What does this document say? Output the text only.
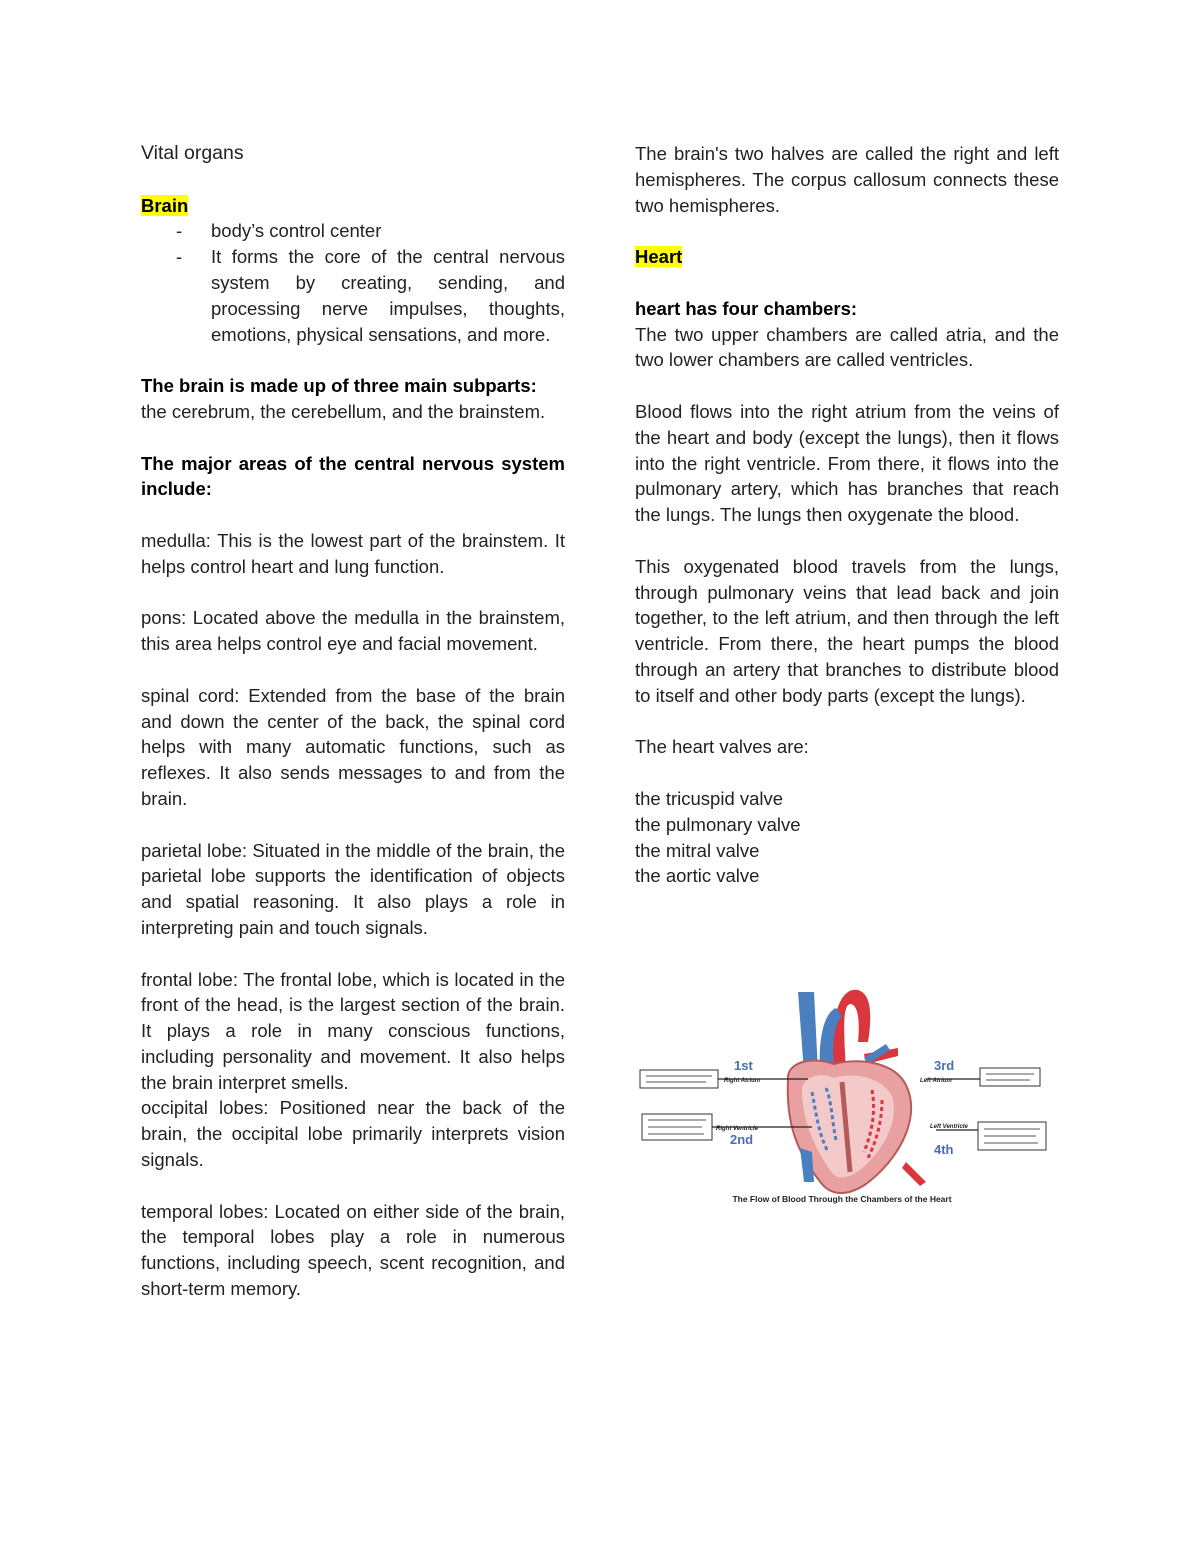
Vital organs

Brain

- body’s control center
- It forms the core of the central nervous system by creating, sending, and processing nerve impulses, thoughts, emotions, physical sensations, and more.

The brain is made up of three main subparts:

the cerebrum, the cerebellum, and the brainstem.

The major areas of the central nervous system include:

medulla: This is the lowest part of the brainstem. It helps control heart and lung function.

pons: Located above the medulla in the brainstem, this area helps control eye and facial movement.

spinal cord: Extended from the base of the brain and down the center of the back, the spinal cord helps with many automatic functions, such as reflexes. It also sends messages to and from the brain.

parietal lobe: Situated in the middle of the brain, the parietal lobe supports the identification of objects and spatial reasoning. It also plays a role in interpreting pain and touch signals.

frontal lobe: The frontal lobe, which is located in the front of the head, is the largest section of the brain. It plays a role in many conscious functions, including personality and movement. It also helps the brain interpret smells.

occipital lobes: Positioned near the back of the brain, the occipital lobe primarily interprets vision signals.

temporal lobes: Located on either side of the brain, the temporal lobes play a role in numerous functions, including speech, scent recognition, and short-term memory.

The brain's two halves are called the right and left hemispheres. The corpus callosum connects these two hemispheres.

Heart

heart has four chambers:

The two upper chambers are called atria, and the two lower chambers are called ventricles.

Blood flows into the right atrium from the veins of the heart and body (except the lungs), then it flows into the right ventricle. From there, it flows into the pulmonary artery, which has branches that reach the lungs. The lungs then oxygenate the blood.

This oxygenated blood travels from the lungs, through pulmonary veins that lead back and join together, to the left atrium, and then through the left ventricle. From there, the heart pumps the blood through an artery that branches to distribute blood to itself and other body parts (except the lungs).

The heart valves are:

the tricuspid valve

the pulmonary valve

the mitral valve

the aortic valve

1st
Right Atrium
2nd
Right Ventricle
3rd
Left Atrium
4th
Left Ventricle
The Flow of Blood Through the Chambers of the Heart
